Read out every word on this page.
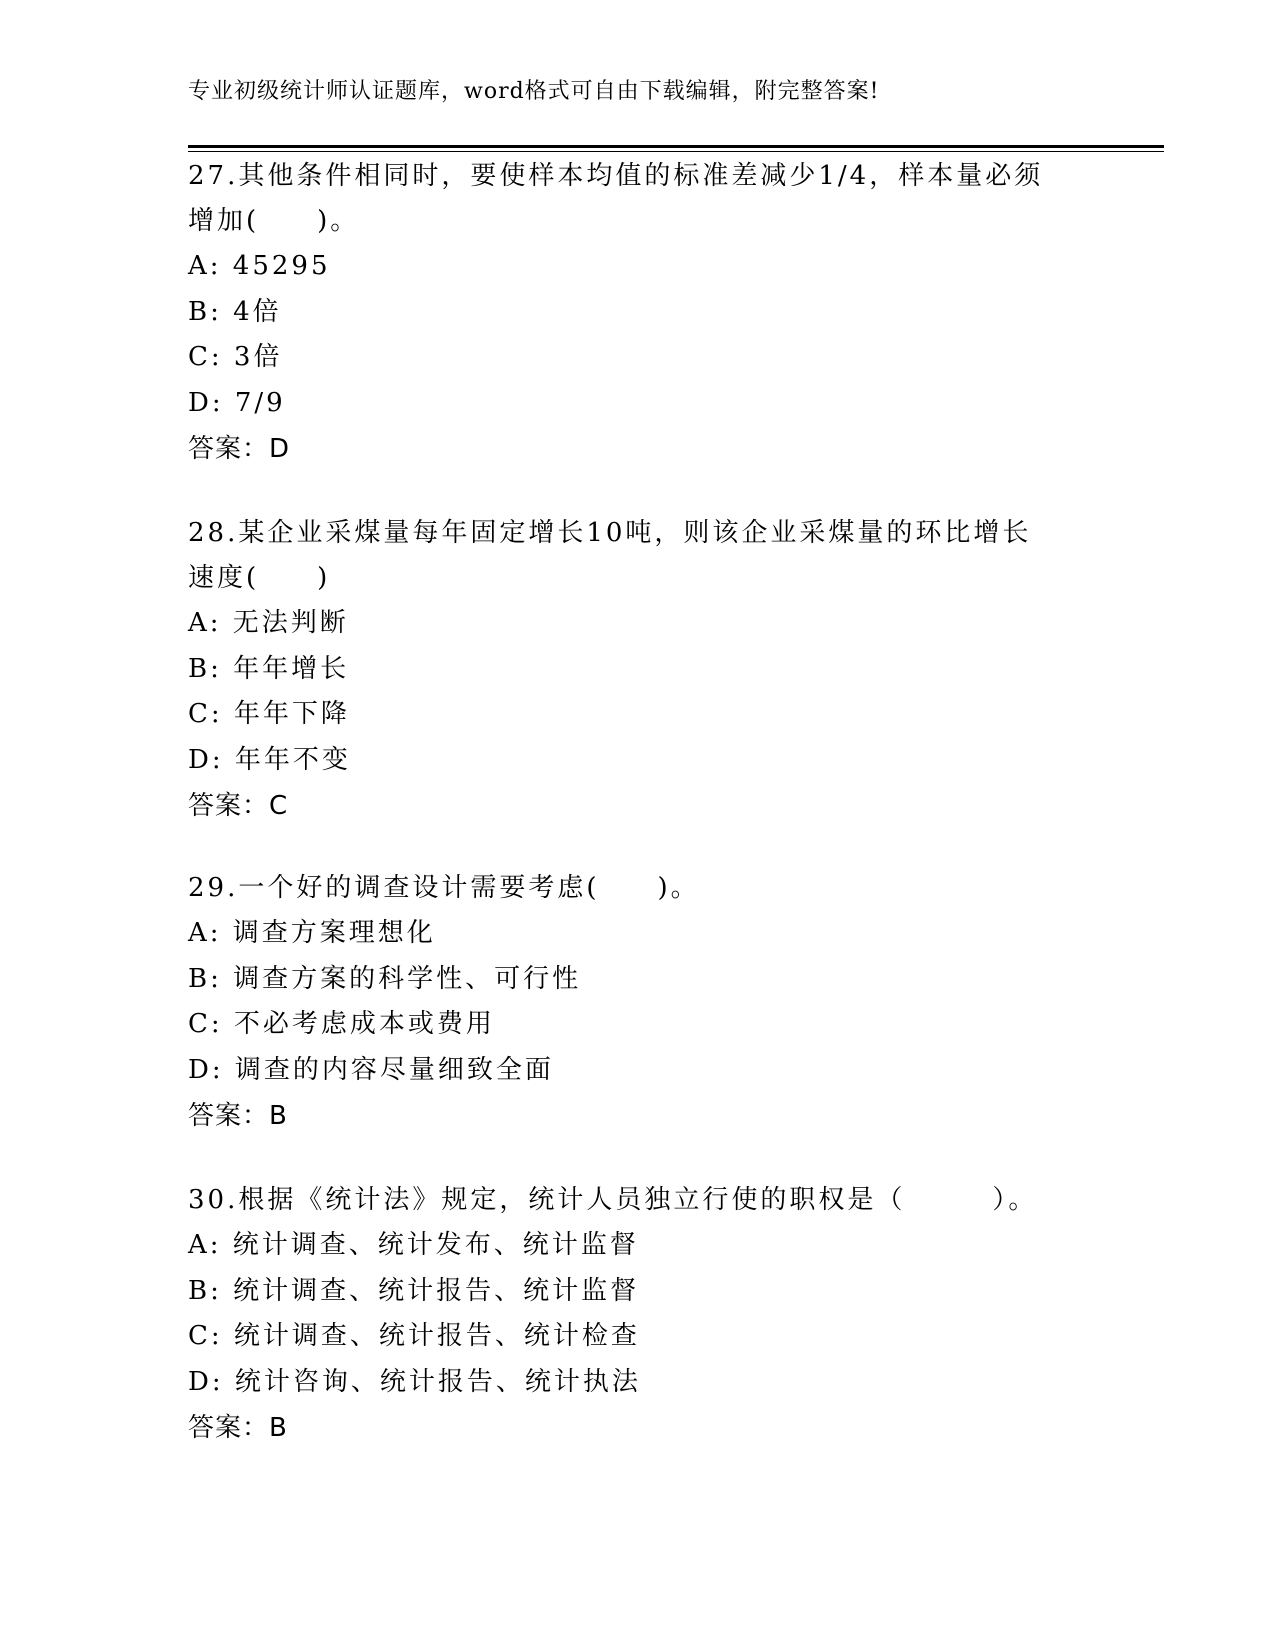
专业初级统计师认证题库，word格式可自由下载编辑，附完整答案!

27.其他条件相同时，要使样本均值的标准差减少1/4，样本量必须增加(　　)。

A: 45295

B: 4倍

C: 3倍

D: 7/9

答案：D

28.某企业采煤量每年固定增长10吨，则该企业采煤量的环比增长速度(　　)

A: 无法判断

B: 年年增长

C: 年年下降

D: 年年不变

答案：C

29.一个好的调查设计需要考虑(　　)。

A: 调查方案理想化

B: 调查方案的科学性、可行性

C: 不必考虑成本或费用

D: 调查的内容尽量细致全面

答案：B

30.根据《统计法》规定，统计人员独立行使的职权是（　　　）。

A: 统计调查、统计发布、统计监督

B: 统计调查、统计报告、统计监督

C: 统计调查、统计报告、统计检查

D: 统计咨询、统计报告、统计执法

答案：B
